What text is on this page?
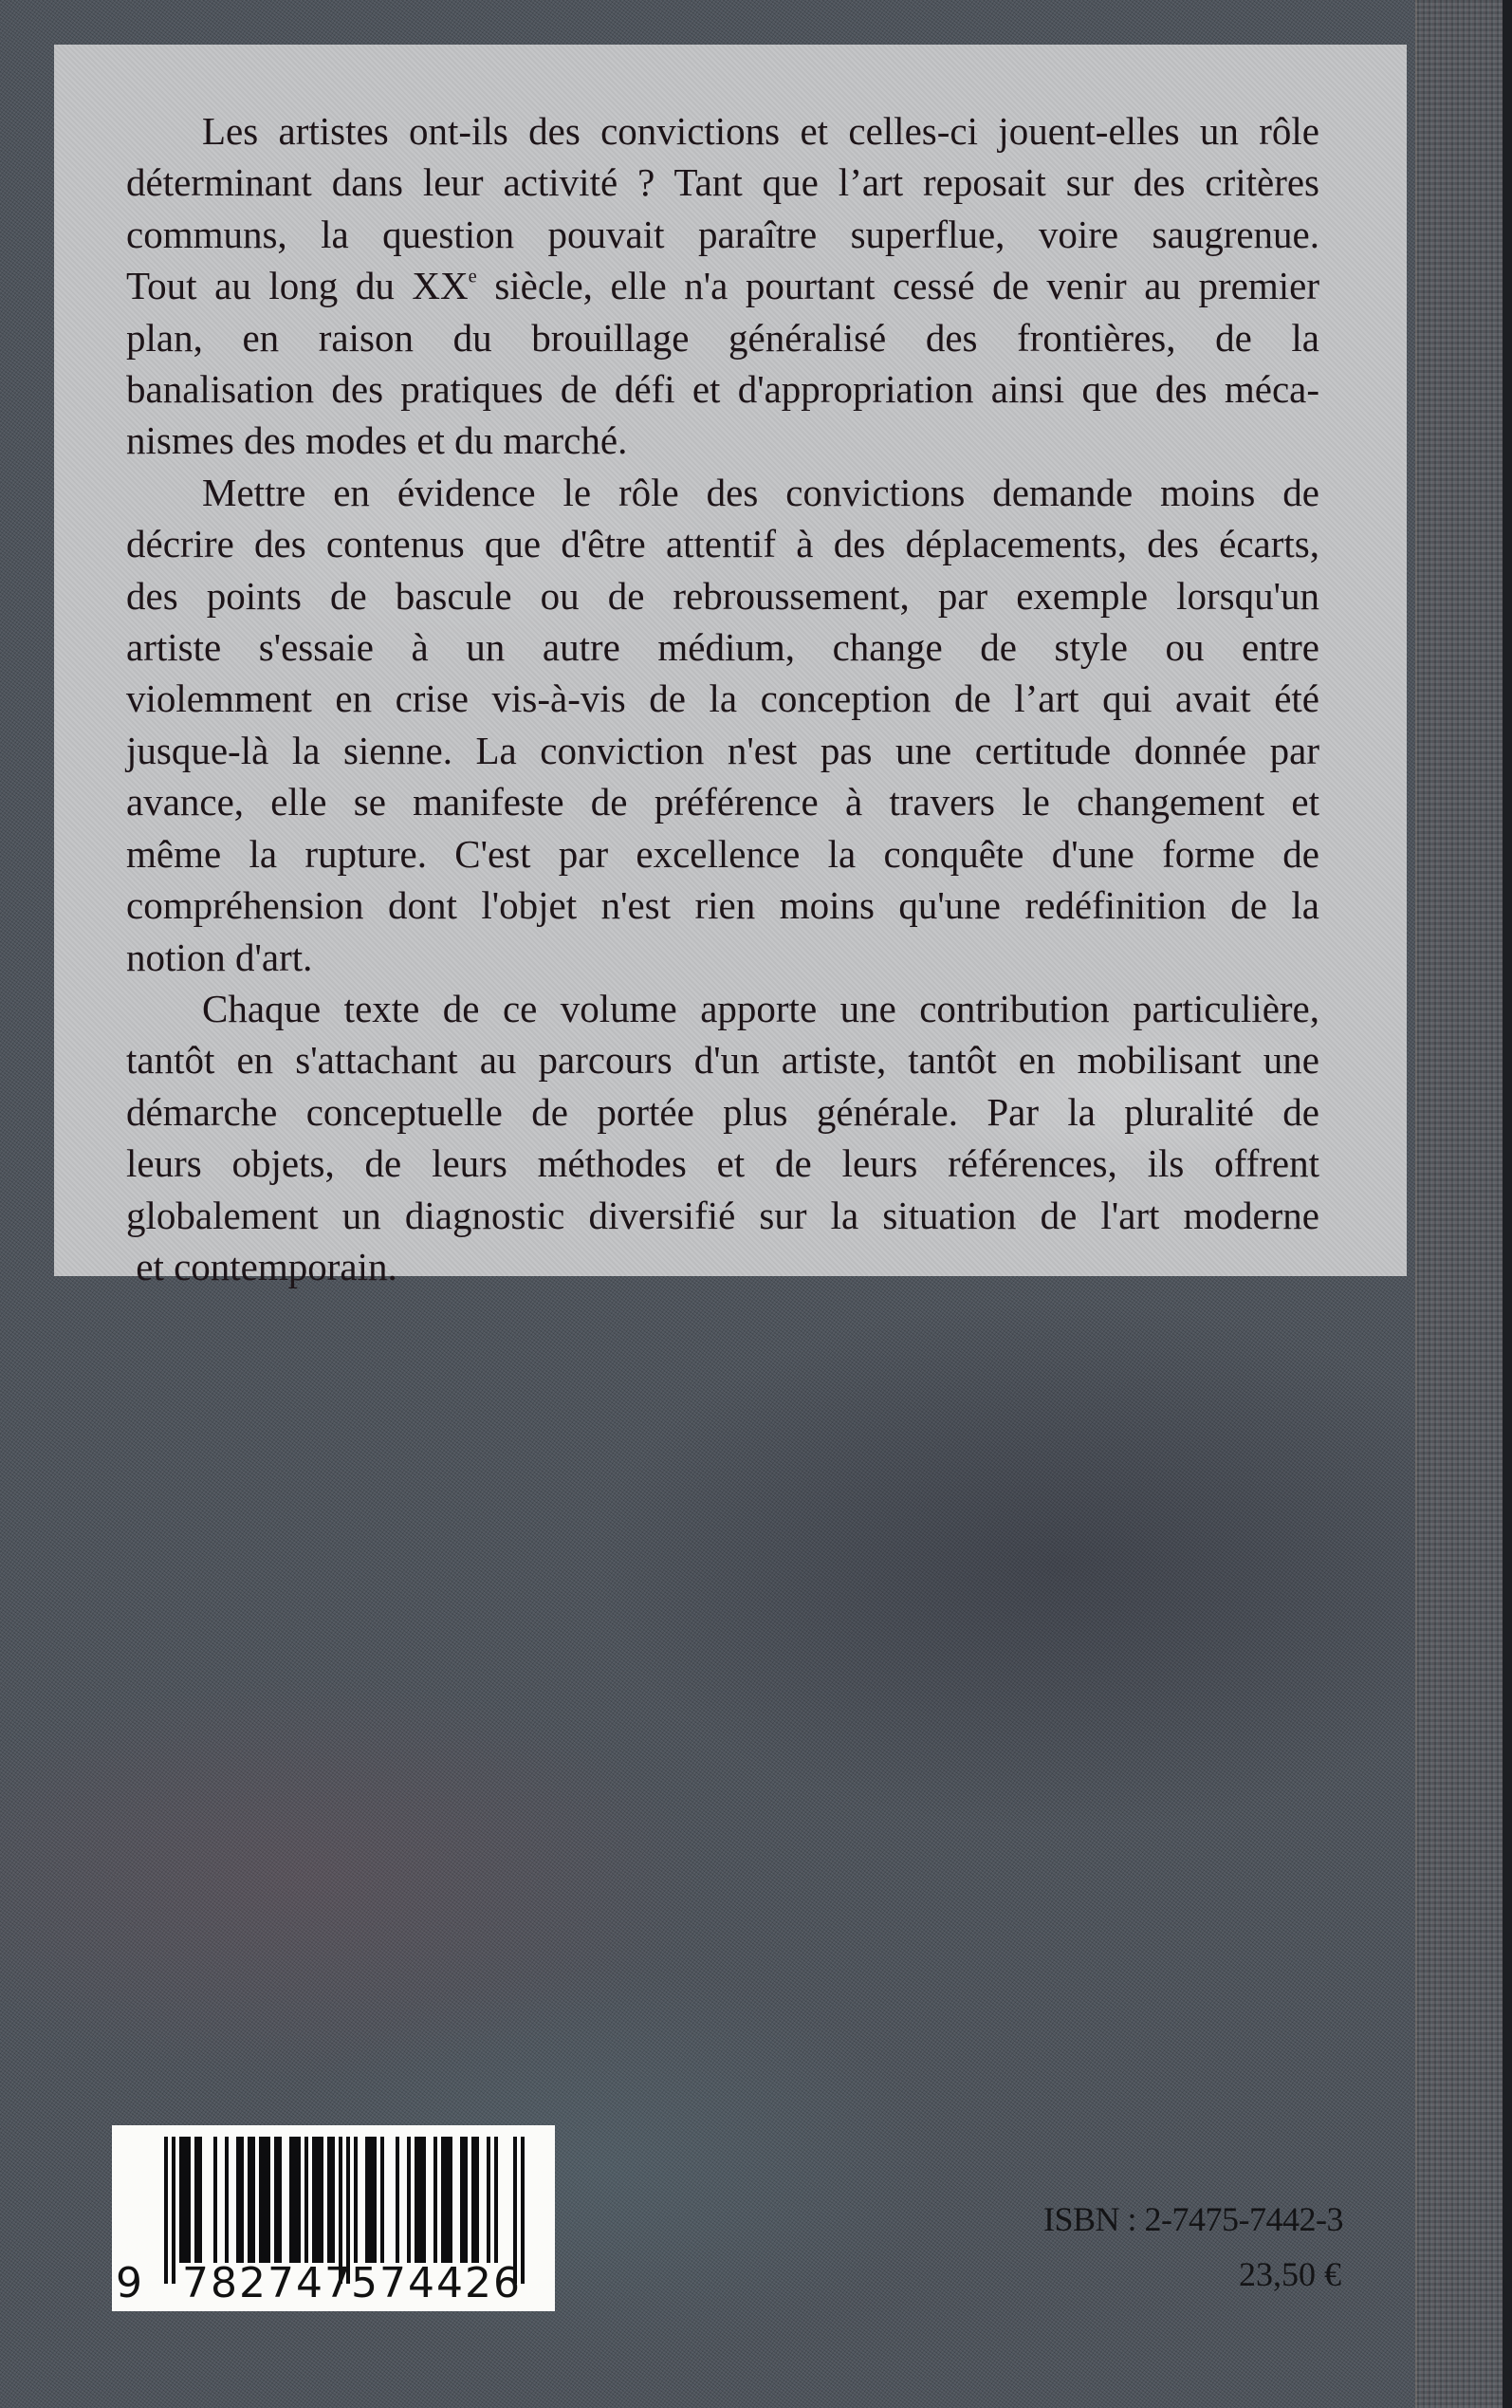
Les artistes ont-ils des convictions et celles-ci jouent-elles un rôle
déterminant dans leur activité ? Tant que l’art reposait sur des critères
communs, la question pouvait paraître superflue, voire saugrenue.
Tout au long du XXe siècle, elle n'a pourtant cessé de venir au premier
plan, en raison du brouillage généralisé des frontières, de la
banalisation des pratiques de défi et d'appropriation ainsi que des méca-
nismes des modes et du marché.

Mettre en évidence le rôle des convictions demande moins de
décrire des contenus que d'être attentif à des déplacements, des écarts,
des points de bascule ou de rebroussement, par exemple lorsqu'un
artiste s'essaie à un autre médium, change de style ou entre
violemment en crise vis-à-vis de la conception de l’art qui avait été
jusque-là la sienne. La conviction n'est pas une certitude donnée par
avance, elle se manifeste de préférence à travers le changement et
même la rupture. C'est par excellence la conquête d'une forme de
compréhension dont l'objet n'est rien moins qu'une redéfinition de la
notion d'art.

Chaque texte de ce volume apporte une contribution particulière,
tantôt en s'attachant au parcours d'un artiste, tantôt en mobilisant une
démarche conceptuelle de portée plus générale. Par la pluralité de
leurs objets, de leurs méthodes et de leurs références, ils offrent
globalement un diagnostic diversifié sur la situation de l'art moderne
et contemporain.

9 782747
574426
ISBN : 2-7475-7442-3
23,50 €
